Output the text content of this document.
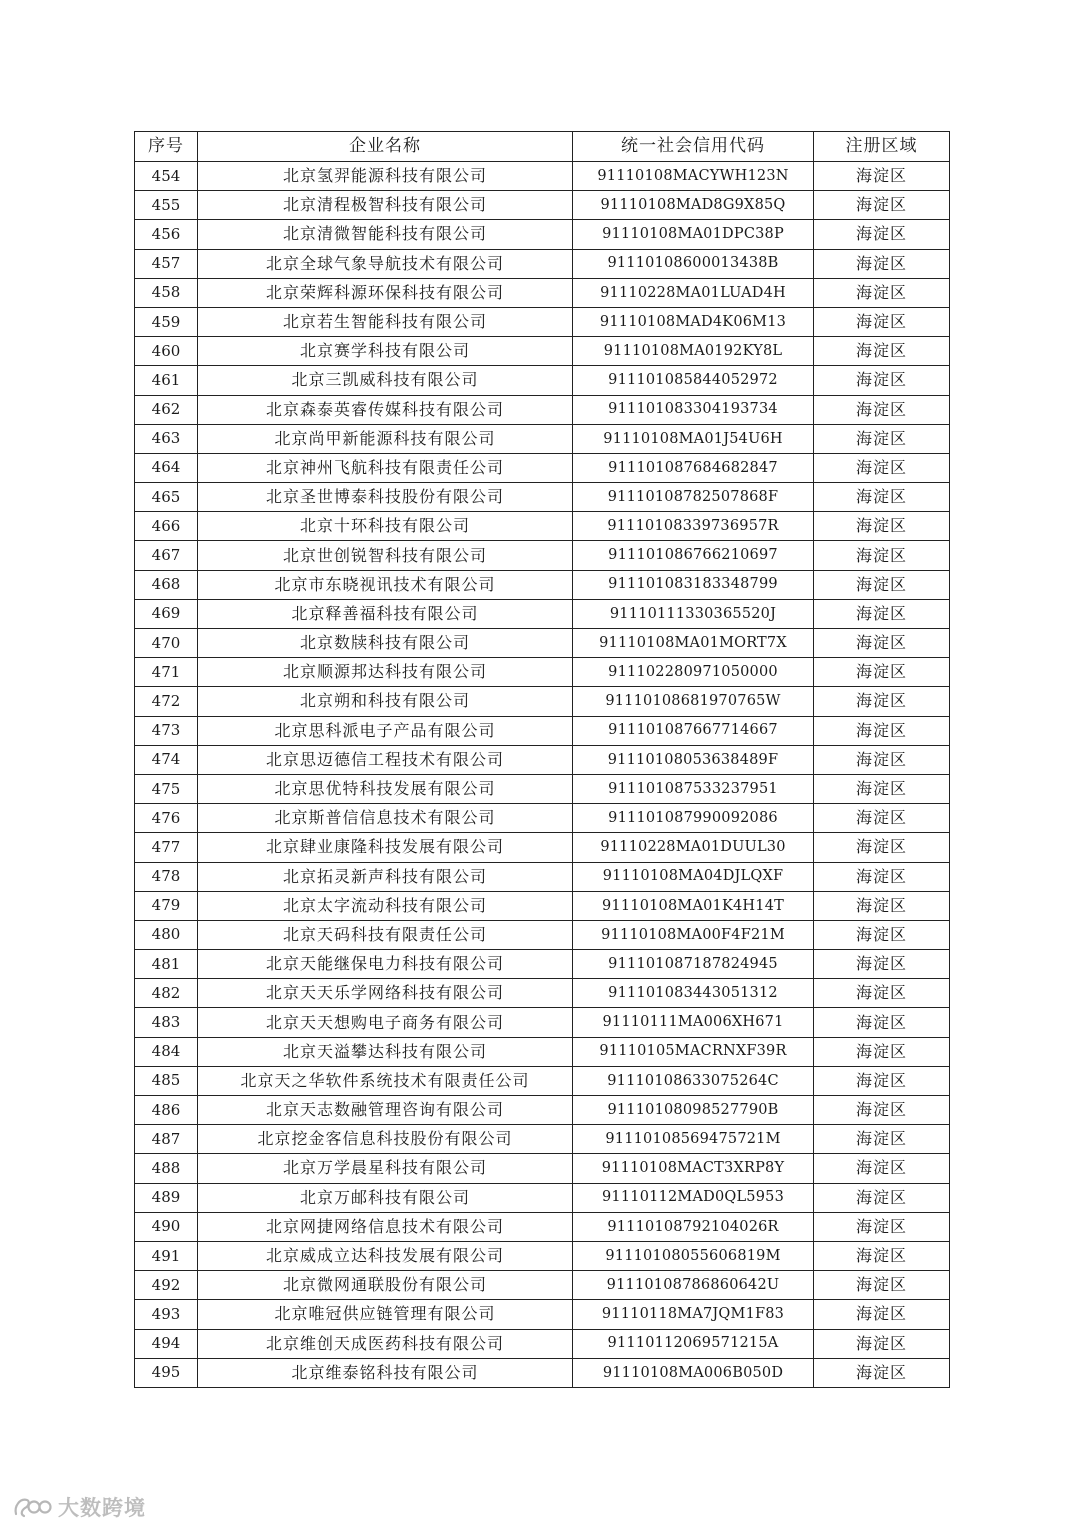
序号	企业名称	统一社会信用代码	注册区域
454	北京氢羿能源科技有限公司	91110108MACYWH123N	海淀区
455	北京清程极智科技有限公司	91110108MAD8G9X85Q	海淀区
456	北京清微智能科技有限公司	91110108MA01DPC38P	海淀区
457	北京全球气象导航技术有限公司	91110108600013438B	海淀区
458	北京荣辉科源环保科技有限公司	91110228MA01LUAD4H	海淀区
459	北京若生智能科技有限公司	91110108MAD4K06M13	海淀区
460	北京赛学科技有限公司	91110108MA0192KY8L	海淀区
461	北京三凯威科技有限公司	911101085844052972	海淀区
462	北京森泰英睿传媒科技有限公司	911101083304193734	海淀区
463	北京尚甲新能源科技有限公司	91110108MA01J54U6H	海淀区
464	北京神州飞航科技有限责任公司	911101087684682847	海淀区
465	北京圣世博泰科技股份有限公司	91110108782507868F	海淀区
466	北京十环科技有限公司	91110108339736957R	海淀区
467	北京世创锐智科技有限公司	911101086766210697	海淀区
468	北京市东晓视讯技术有限公司	911101083183348799	海淀区
469	北京释善福科技有限公司	91110111330365520J	海淀区
470	北京数牍科技有限公司	91110108MA01MORT7X	海淀区
471	北京顺源邦达科技有限公司	911102280971050000	海淀区
472	北京朔和科技有限公司	91110108681970765W	海淀区
473	北京思科派电子产品有限公司	911101087667714667	海淀区
474	北京思迈德信工程技术有限公司	91110108053638489F	海淀区
475	北京思优特科技发展有限公司	911101087533237951	海淀区
476	北京斯普信信息技术有限公司	911101087990092086	海淀区
477	北京肆业康隆科技发展有限公司	91110228MA01DUUL30	海淀区
478	北京拓灵新声科技有限公司	91110108MA04DJLQXF	海淀区
479	北京太字流动科技有限公司	91110108MA01K4H14T	海淀区
480	北京天码科技有限责任公司	91110108MA00F4F21M	海淀区
481	北京天能继保电力科技有限公司	911101087187824945	海淀区
482	北京天天乐学网络科技有限公司	911101083443051312	海淀区
483	北京天天想购电子商务有限公司	91110111MA006XH671	海淀区
484	北京天溢攀达科技有限公司	91110105MACRNXF39R	海淀区
485	北京天之华软件系统技术有限责任公司	91110108633075264C	海淀区
486	北京天志数融管理咨询有限公司	91110108098527790B	海淀区
487	北京挖金客信息科技股份有限公司	91110108569475721M	海淀区
488	北京万学晨星科技有限公司	91110108MACT3XRP8Y	海淀区
489	北京万邮科技有限公司	91110112MAD0QL5953	海淀区
490	北京网捷网络信息技术有限公司	91110108792104026R	海淀区
491	北京威成立达科技发展有限公司	91110108055606819M	海淀区
492	北京微网通联股份有限公司	91110108786860642U	海淀区
493	北京唯冠供应链管理有限公司	91110118MA7JQM1F83	海淀区
494	北京维创天成医药科技有限公司	91110112069571215A	海淀区
495	北京维泰铭科技有限公司	91110108MA006B050D	海淀区
大数跨境
